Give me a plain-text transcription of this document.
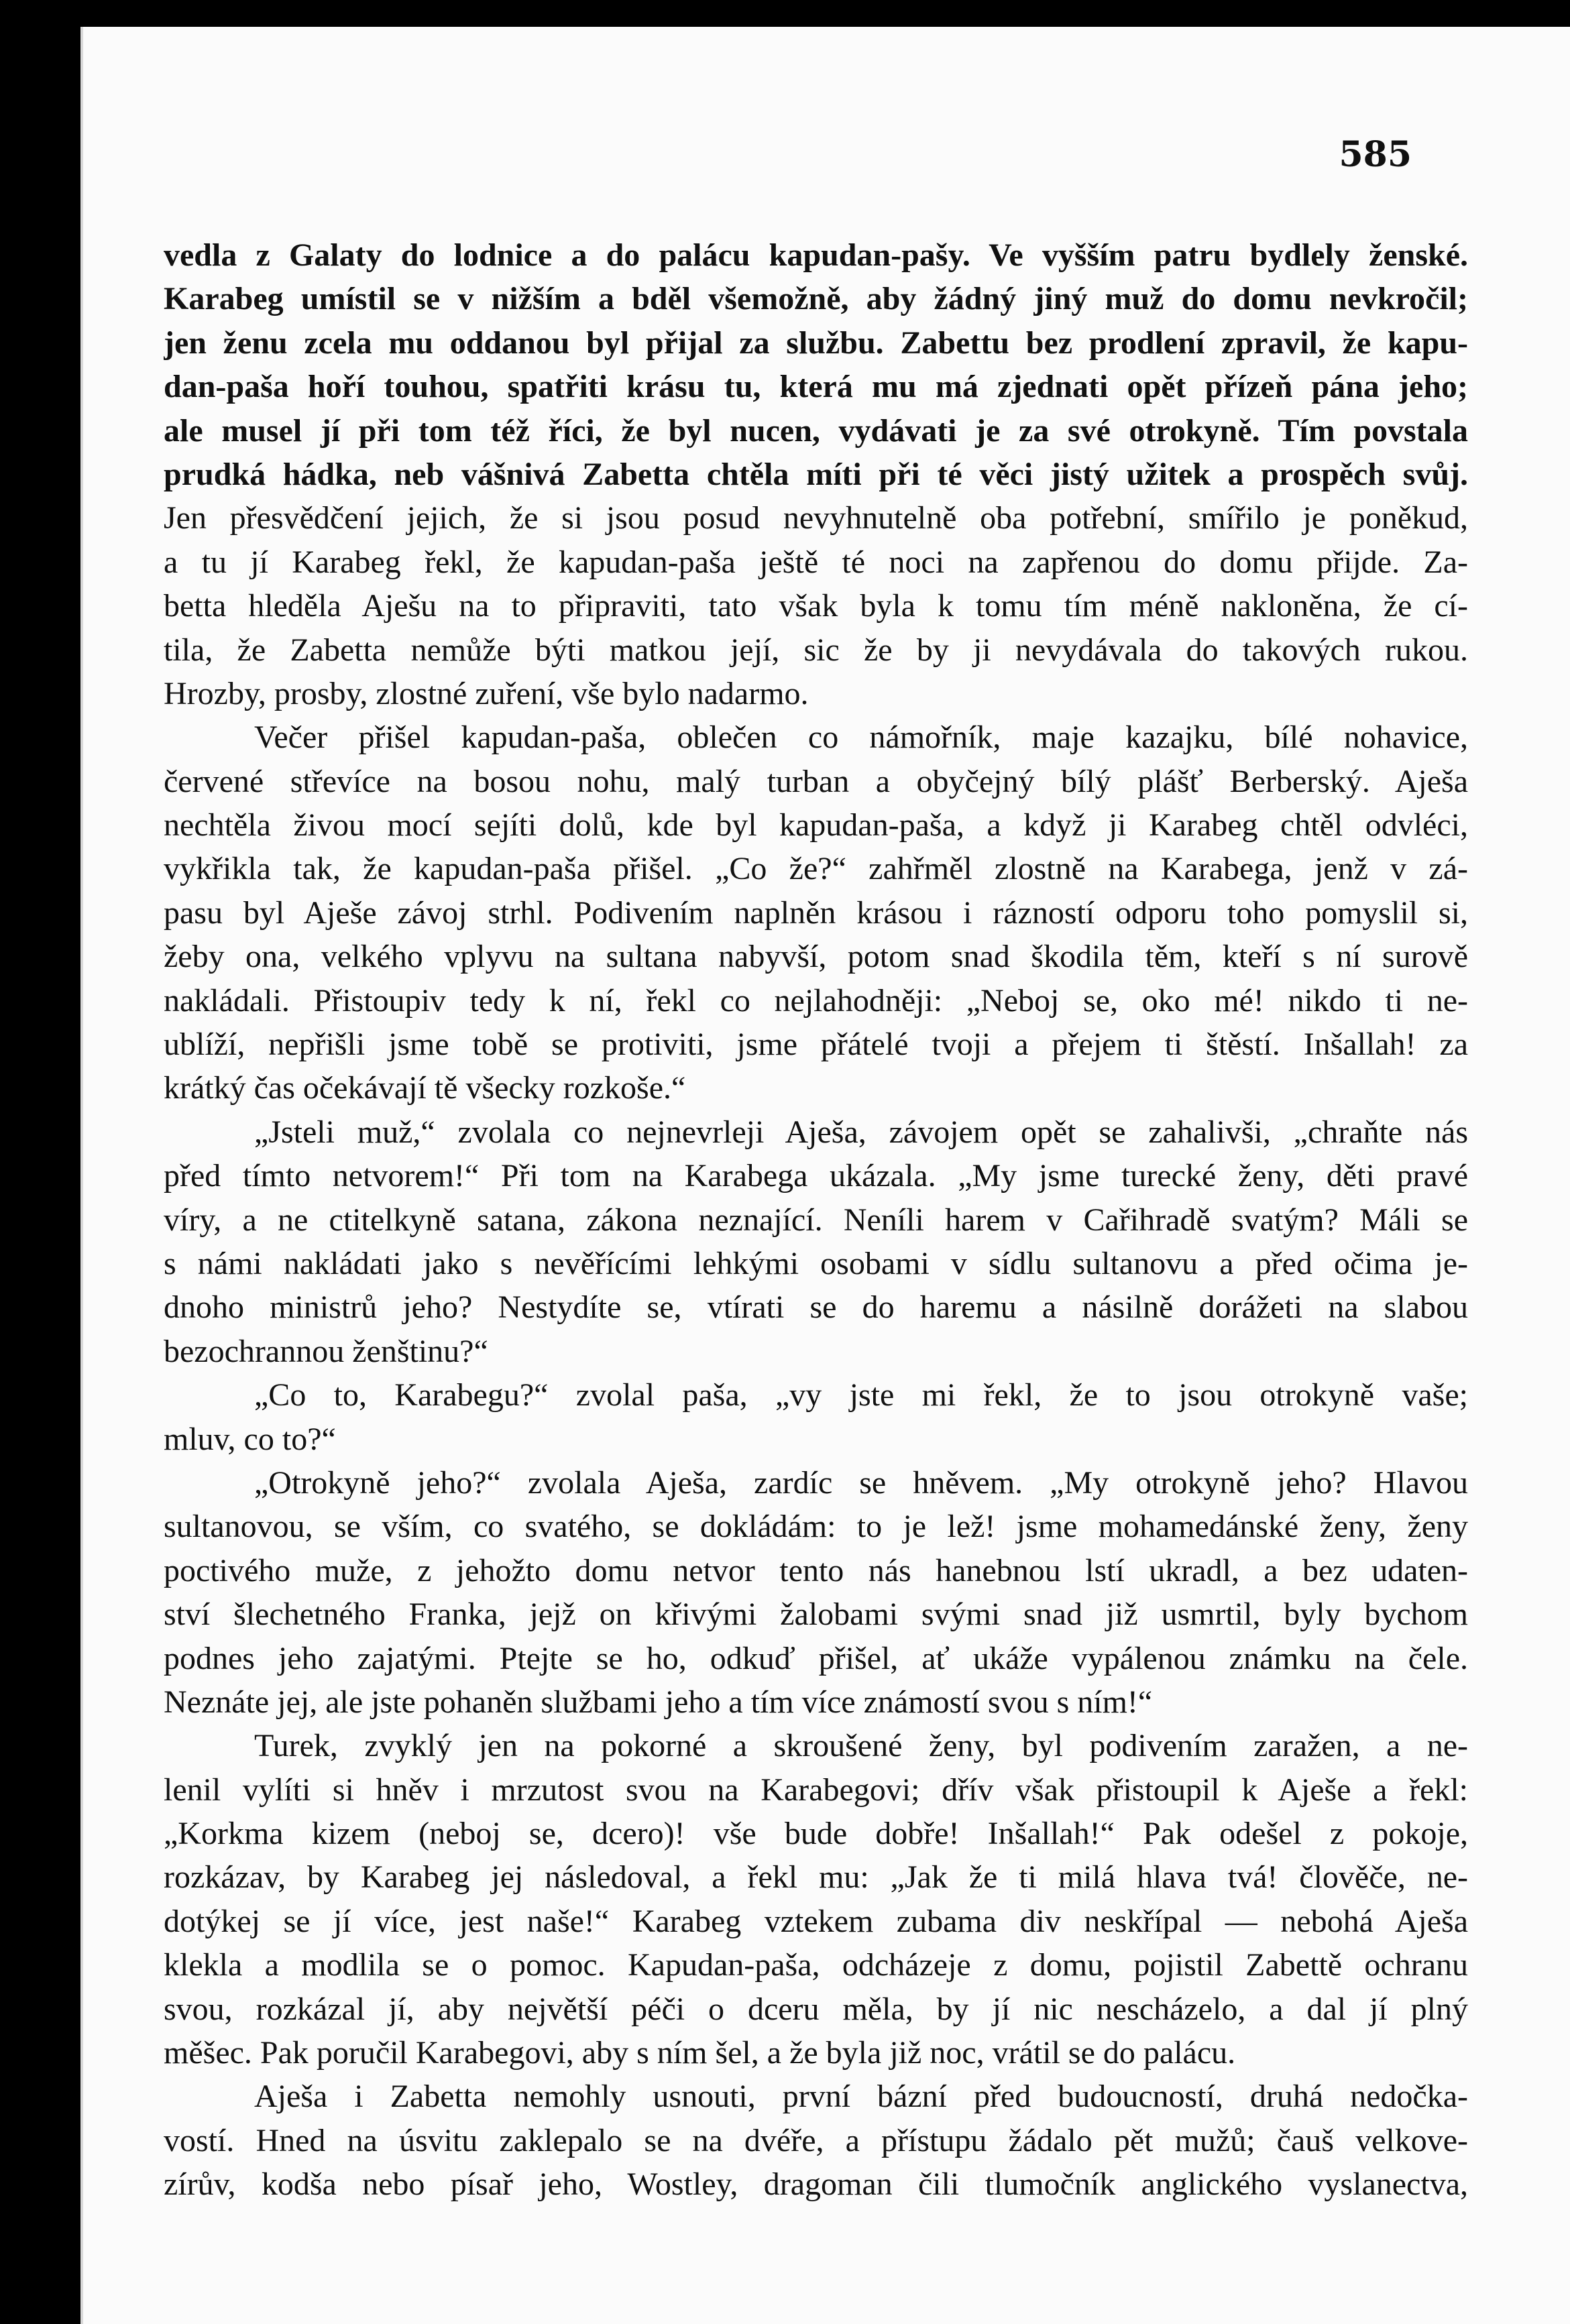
585

vedla z Galaty do lodnice a do palácu kapudan-pašy. Ve vyšším patru bydlely ženské.
Karabeg umístil se v nižším a bděl všemožně, aby žádný jiný muž do domu nevkročil;
jen ženu zcela mu oddanou byl přijal za službu. Zabettu bez prodlení zpravil, že kapu-
dan-paša hoří touhou, spatřiti krásu tu, která mu má zjednati opět přízeň pána jeho;
ale musel jí při tom též říci, že byl nucen, vydávati je za své otrokyně. Tím povstala
prudká hádka, neb vášnivá Zabetta chtěla míti při té věci jistý užitek a prospěch svůj.
Jen přesvědčení jejich, že si jsou posud nevyhnutelně oba potřební, smířilo je poněkud,
a tu jí Karabeg řekl, že kapudan-paša ještě té noci na zapřenou do domu přijde. Za-
betta hleděla Aješu na to připraviti, tato však byla k tomu tím méně nakloněna, že cí-
tila, že Zabetta nemůže býti matkou její, sic že by ji nevydávala do takových rukou.
Hrozby, prosby, zlostné zuření, vše bylo nadarmo.
Večer přišel kapudan-paša, oblečen co námořník, maje kazajku, bílé nohavice,
červené střevíce na bosou nohu, malý turban a obyčejný bílý plášť Berberský. Aješa
nechtěla živou mocí sejíti dolů, kde byl kapudan-paša, a když ji Karabeg chtěl odvléci,
vykřikla tak, že kapudan-paša přišel. „Co že?“ zahřměl zlostně na Karabega, jenž v zá-
pasu byl Aješe závoj strhl. Podivením naplněn krásou i rázností odporu toho pomyslil si,
žeby ona, velkého vplyvu na sultana nabyvší, potom snad škodila těm, kteří s ní surově
nakládali. Přistoupiv tedy k ní, řekl co nejlahodněji: „Neboj se, oko mé! nikdo ti ne-
ublíží, nepřišli jsme tobě se protiviti, jsme přátelé tvoji a přejem ti štěstí. Inšallah! za
krátký čas očekávají tě všecky rozkoše.“
„Jsteli muž,“ zvolala co nejnevrleji Aješa, závojem opět se zahalivši, „chraňte nás
před tímto netvorem!“ Při tom na Karabega ukázala. „My jsme turecké ženy, děti pravé
víry, a ne ctitelkyně satana, zákona neznající. Neníli harem v Cařihradě svatým? Máli se
s námi nakládati jako s nevěřícími lehkými osobami v sídlu sultanovu a před očima je-
dnoho ministrů jeho? Nestydíte se, vtírati se do haremu a násilně dorážeti na slabou
bezochrannou ženštinu?“
„Co to, Karabegu?“ zvolal paša, „vy jste mi řekl, že to jsou otrokyně vaše;
mluv, co to?“
„Otrokyně jeho?“ zvolala Aješa, zardíc se hněvem. „My otrokyně jeho? Hlavou
sultanovou, se vším, co svatého, se dokládám: to je lež! jsme mohamedánské ženy, ženy
poctivého muže, z jehožto domu netvor tento nás hanebnou lstí ukradl, a bez udaten-
ství šlechetného Franka, jejž on křivými žalobami svými snad již usmrtil, byly bychom
podnes jeho zajatými. Ptejte se ho, odkuď přišel, ať ukáže vypálenou známku na čele.
Neznáte jej, ale jste pohaněn službami jeho a tím více známostí svou s ním!“
Turek, zvyklý jen na pokorné a skroušené ženy, byl podivením zaražen, a ne-
lenil vylíti si hněv i mrzutost svou na Karabegovi; dřív však přistoupil k Aješe a řekl:
„Korkma kizem (neboj se, dcero)! vše bude dobře! Inšallah!“ Pak odešel z pokoje,
rozkázav, by Karabeg jej následoval, a řekl mu: „Jak že ti milá hlava tvá! člověče, ne-
dotýkej se jí více, jest naše!“ Karabeg vztekem zubama div neskřípal — nebohá Aješa
klekla a modlila se o pomoc. Kapudan-paša, odcházeje z domu, pojistil Zabettě ochranu
svou, rozkázal jí, aby největší péči o dceru měla, by jí nic nescházelo, a dal jí plný
měšec. Pak poručil Karabegovi, aby s ním šel, a že byla již noc, vrátil se do palácu.
Aješa i Zabetta nemohly usnouti, první bázní před budoucností, druhá nedočka-
vostí. Hned na úsvitu zaklepalo se na dvéře, a přístupu žádalo pět mužů; čauš velkove-
zírův, kodša nebo písař jeho, Wostley, dragoman čili tlumočník anglického vyslanectva,
